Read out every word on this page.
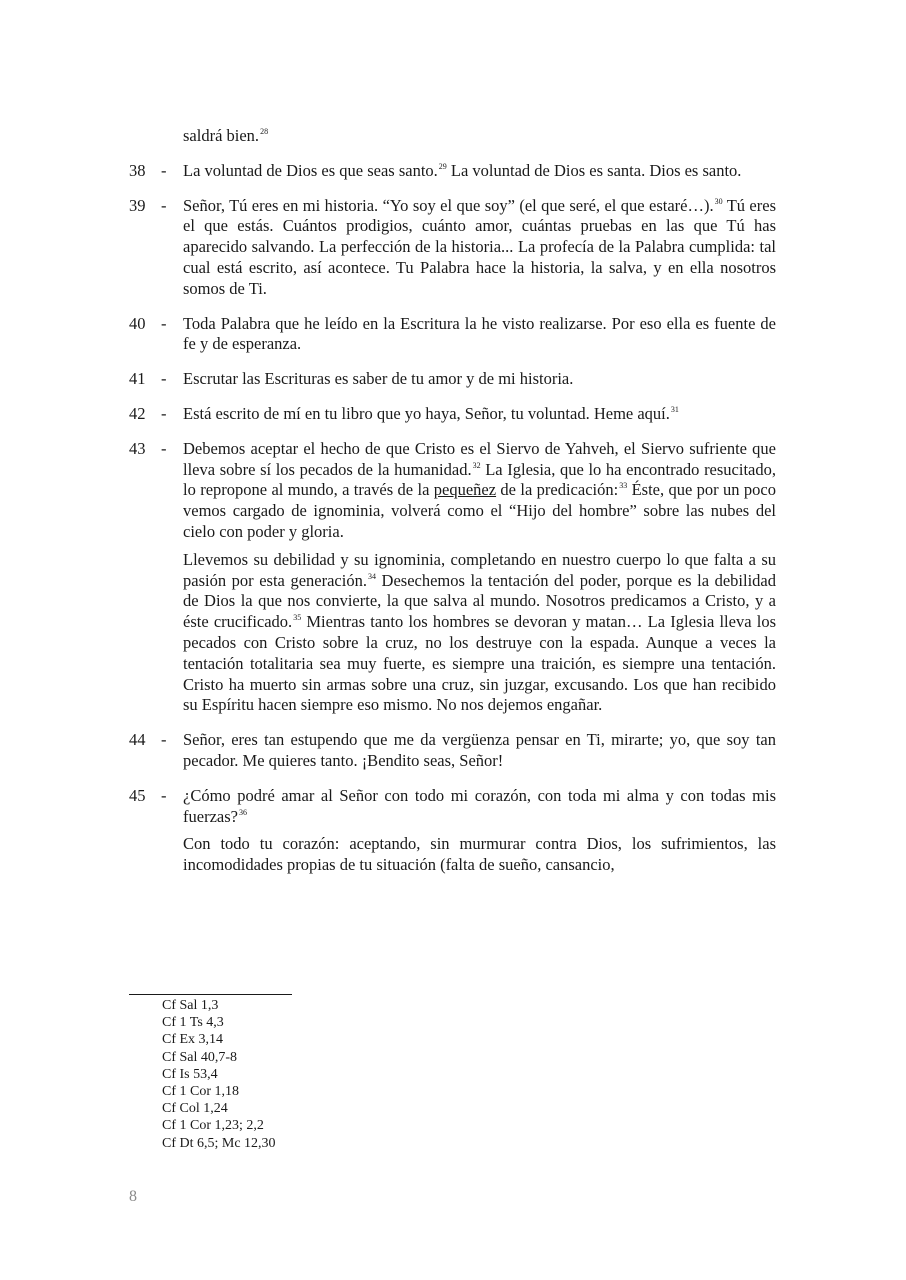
saldrá bien.$^{28}$

38 - La voluntad de Dios es que seas santo.$^{29}$ La voluntad de Dios es santa. Dios es santo.

39 - Señor, Tú eres en mi historia. “Yo soy el que soy” (el que seré, el que estaré…).$^{30}$ Tú eres el que estás. Cuántos prodigios, cuánto amor, cuántas pruebas en las que Tú has aparecido salvando. La perfección de la historia... La profecía de la Palabra cumplida: tal cual está escrito, así acontece. Tu Palabra hace la historia, la salva, y en ella nosotros somos de Ti.

40 - Toda Palabra que he leído en la Escritura la he visto realizarse. Por eso ella es fuente de fe y de esperanza.

41 - Escrutar las Escrituras es saber de tu amor y de mi historia.

42 - Está escrito de mí en tu libro que yo haya, Señor, tu voluntad. Heme aquí.$^{31}$

43 - Debemos aceptar el hecho de que Cristo es el Siervo de Yahveh, el Siervo sufriente que lleva sobre sí los pecados de la humanidad.$^{32}$ La Iglesia, que lo ha encontrado resucitado, lo repropone al mundo, a través de la pequeñez de la predicación:$^{33}$ Éste, que por un poco vemos cargado de ignominia, volverá como el “Hijo del hombre” sobre las nubes del cielo con poder y gloria.

Llevemos su debilidad y su ignominia, completando en nuestro cuerpo lo que falta a su pasión por esta generación.$^{34}$ Desechemos la tentación del poder, porque es la debilidad de Dios la que nos convierte, la que salva al mundo. Nosotros predicamos a Cristo, y a éste crucificado.$^{35}$ Mientras tanto los hombres se devoran y matan… La Iglesia lleva los pecados con Cristo sobre la cruz, no los destruye con la espada. Aunque a veces la tentación totalitaria sea muy fuerte, es siempre una traición, es siempre una tentación. Cristo ha muerto sin armas sobre una cruz, sin juzgar, excusando. Los que han recibido su Espíritu hacen siempre eso mismo. No nos dejemos engañar.

44 - Señor, eres tan estupendo que me da vergüenza pensar en Ti, mirarte; yo, que soy tan pecador. Me quieres tanto. ¡Bendito seas, Señor!

45 - ¿Cómo podré amar al Señor con todo mi corazón, con toda mi alma y con todas mis fuerzas?$^{36}$

Con todo tu corazón: aceptando, sin murmurar contra Dios, los sufrimientos, las incomodidades propias de tu situación (falta de sueño, cansancio,

Cf Sal 1,3
Cf 1 Ts 4,3
Cf Ex 3,14
Cf Sal 40,7-8
Cf Is 53,4
Cf 1 Cor 1,18
Cf Col 1,24
Cf 1 Cor 1,23; 2,2
Cf Dt 6,5; Mc 12,30
8
